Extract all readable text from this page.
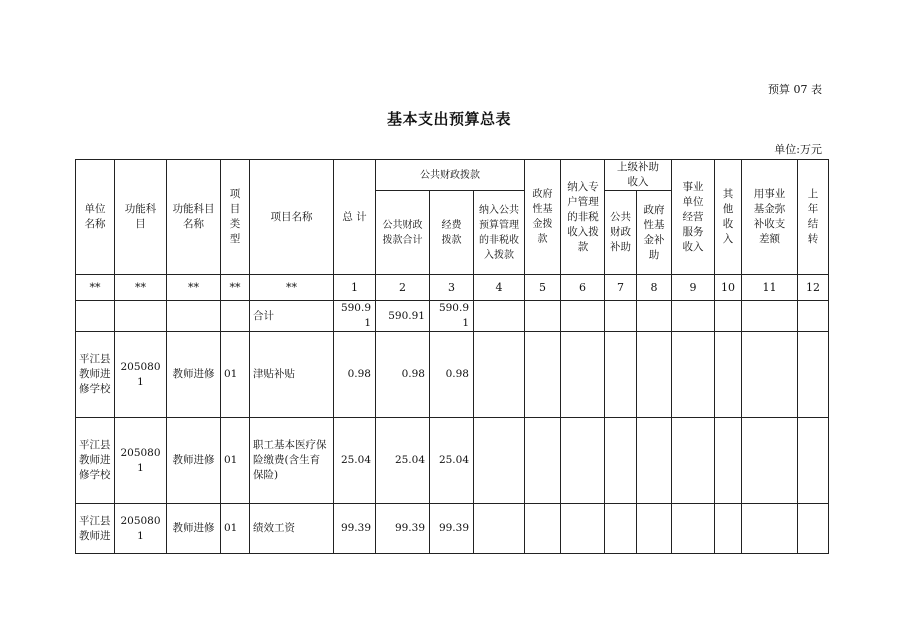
预算 07 表
基本支出预算总表
单位:万元
单位名称	功能科目	功能科目名称	项目类型	项目名称	总 计	公共财政拨款			政府性基金拨款	纳入专户管理的非税收入拨款	上级补助收入		事业单位经营服务收入	其他收入	用事业基金弥补收支差额	上年结转

						公共财政拨款合计	经费拨款	纳入公共预算管理的非税收入拨款			公共财政补助	政府性基金补助				

**	**	**	**	**	1	2	3	4	5	6	7	8	9	10	11	12
				合计	590.91	590.91	590.91									
平江县教师进修学校	2050801	教师进修	01	津贴补贴	0.98	0.98	0.98									
平江县教师进修学校	2050801	教师进修	01	职工基本医疗保险缴费(含生育保险)	25.04	25.04	25.04									
平江县教师进	2050801	教师进修	01	绩效工资	99.39	99.39	99.39									
